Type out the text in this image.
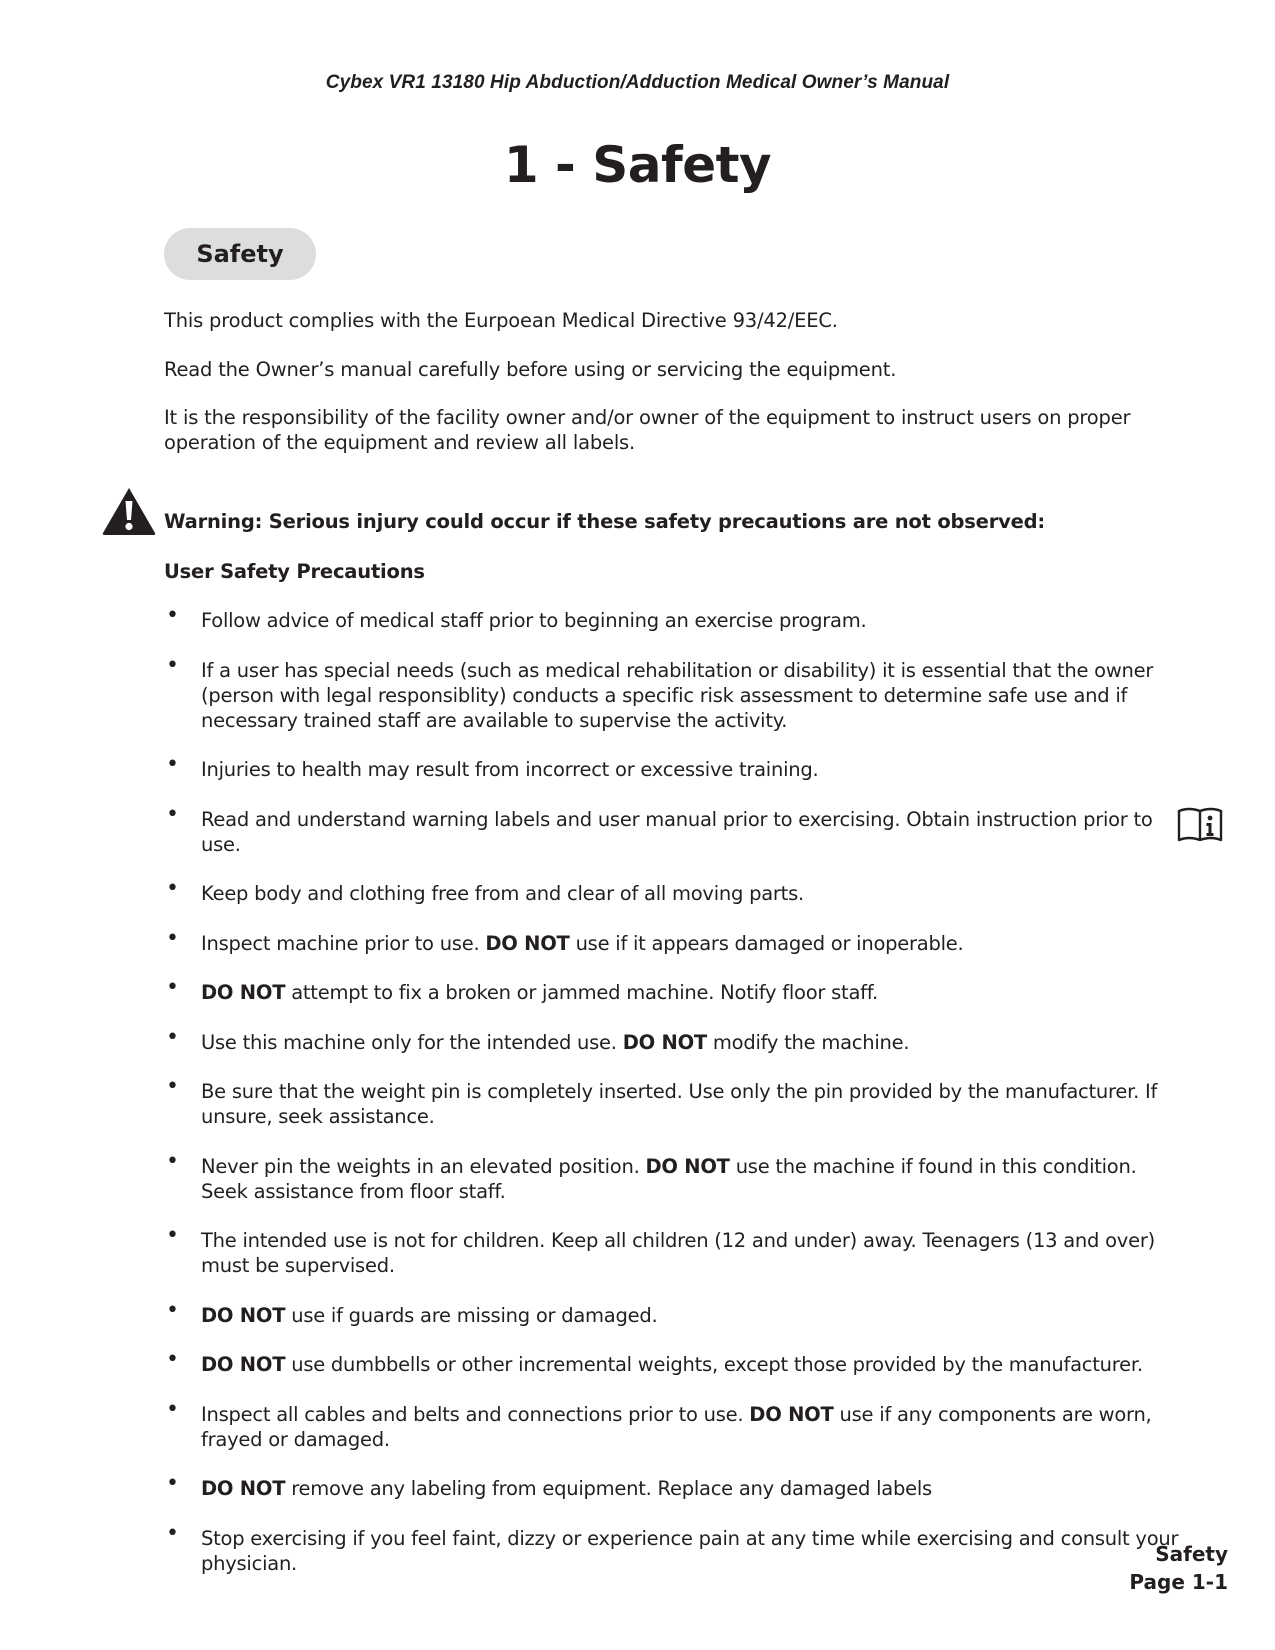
Cybex VR1 13180 Hip Abduction/Adduction Medical Owner’s Manual
1 - Safety
Safety
This product complies with the Eurpoean Medical Directive 93/42/EEC.
Read the Owner’s manual carefully before using or servicing the equipment.
It is the responsibility of the facility owner and/or owner of the equipment to instruct users on proper operation of the equipment and review all labels.
Warning: Serious injury could occur if these safety precautions are not observed:
User Safety Precautions
• Follow advice of medical staff prior to beginning an exercise program.
• If a user has special needs (such as medical rehabilitation or disability) it is essential that the owner (person with legal responsiblity) conducts a specific risk assessment to determine safe use and if necessary trained staff are available to supervise the activity.
• Injuries to health may result from incorrect or excessive training.
• Read and understand warning labels and user manual prior to exercising. Obtain instruction prior to use.
• Keep body and clothing free from and clear of all moving parts.
• Inspect machine prior to use. DO NOT use if it appears damaged or inoperable.
• DO NOT attempt to fix a broken or jammed machine. Notify floor staff.
• Use this machine only for the intended use. DO NOT modify the machine.
• Be sure that the weight pin is completely inserted. Use only the pin provided by the manufacturer. If unsure, seek assistance.
• Never pin the weights in an elevated position. DO NOT use the machine if found in this condition. Seek assistance from floor staff.
• The intended use is not for children. Keep all children (12 and under) away. Teenagers (13 and over) must be supervised.
• DO NOT use if guards are missing or damaged.
• DO NOT use dumbbells or other incremental weights, except those provided by the manufacturer.
• Inspect all cables and belts and connections prior to use. DO NOT use if any components are worn, frayed or damaged.
• DO NOT remove any labeling from equipment. Replace any damaged labels
• Stop exercising if you feel faint, dizzy or experience pain at any time while exercising and consult your physician.	Safety
Page 1-1
